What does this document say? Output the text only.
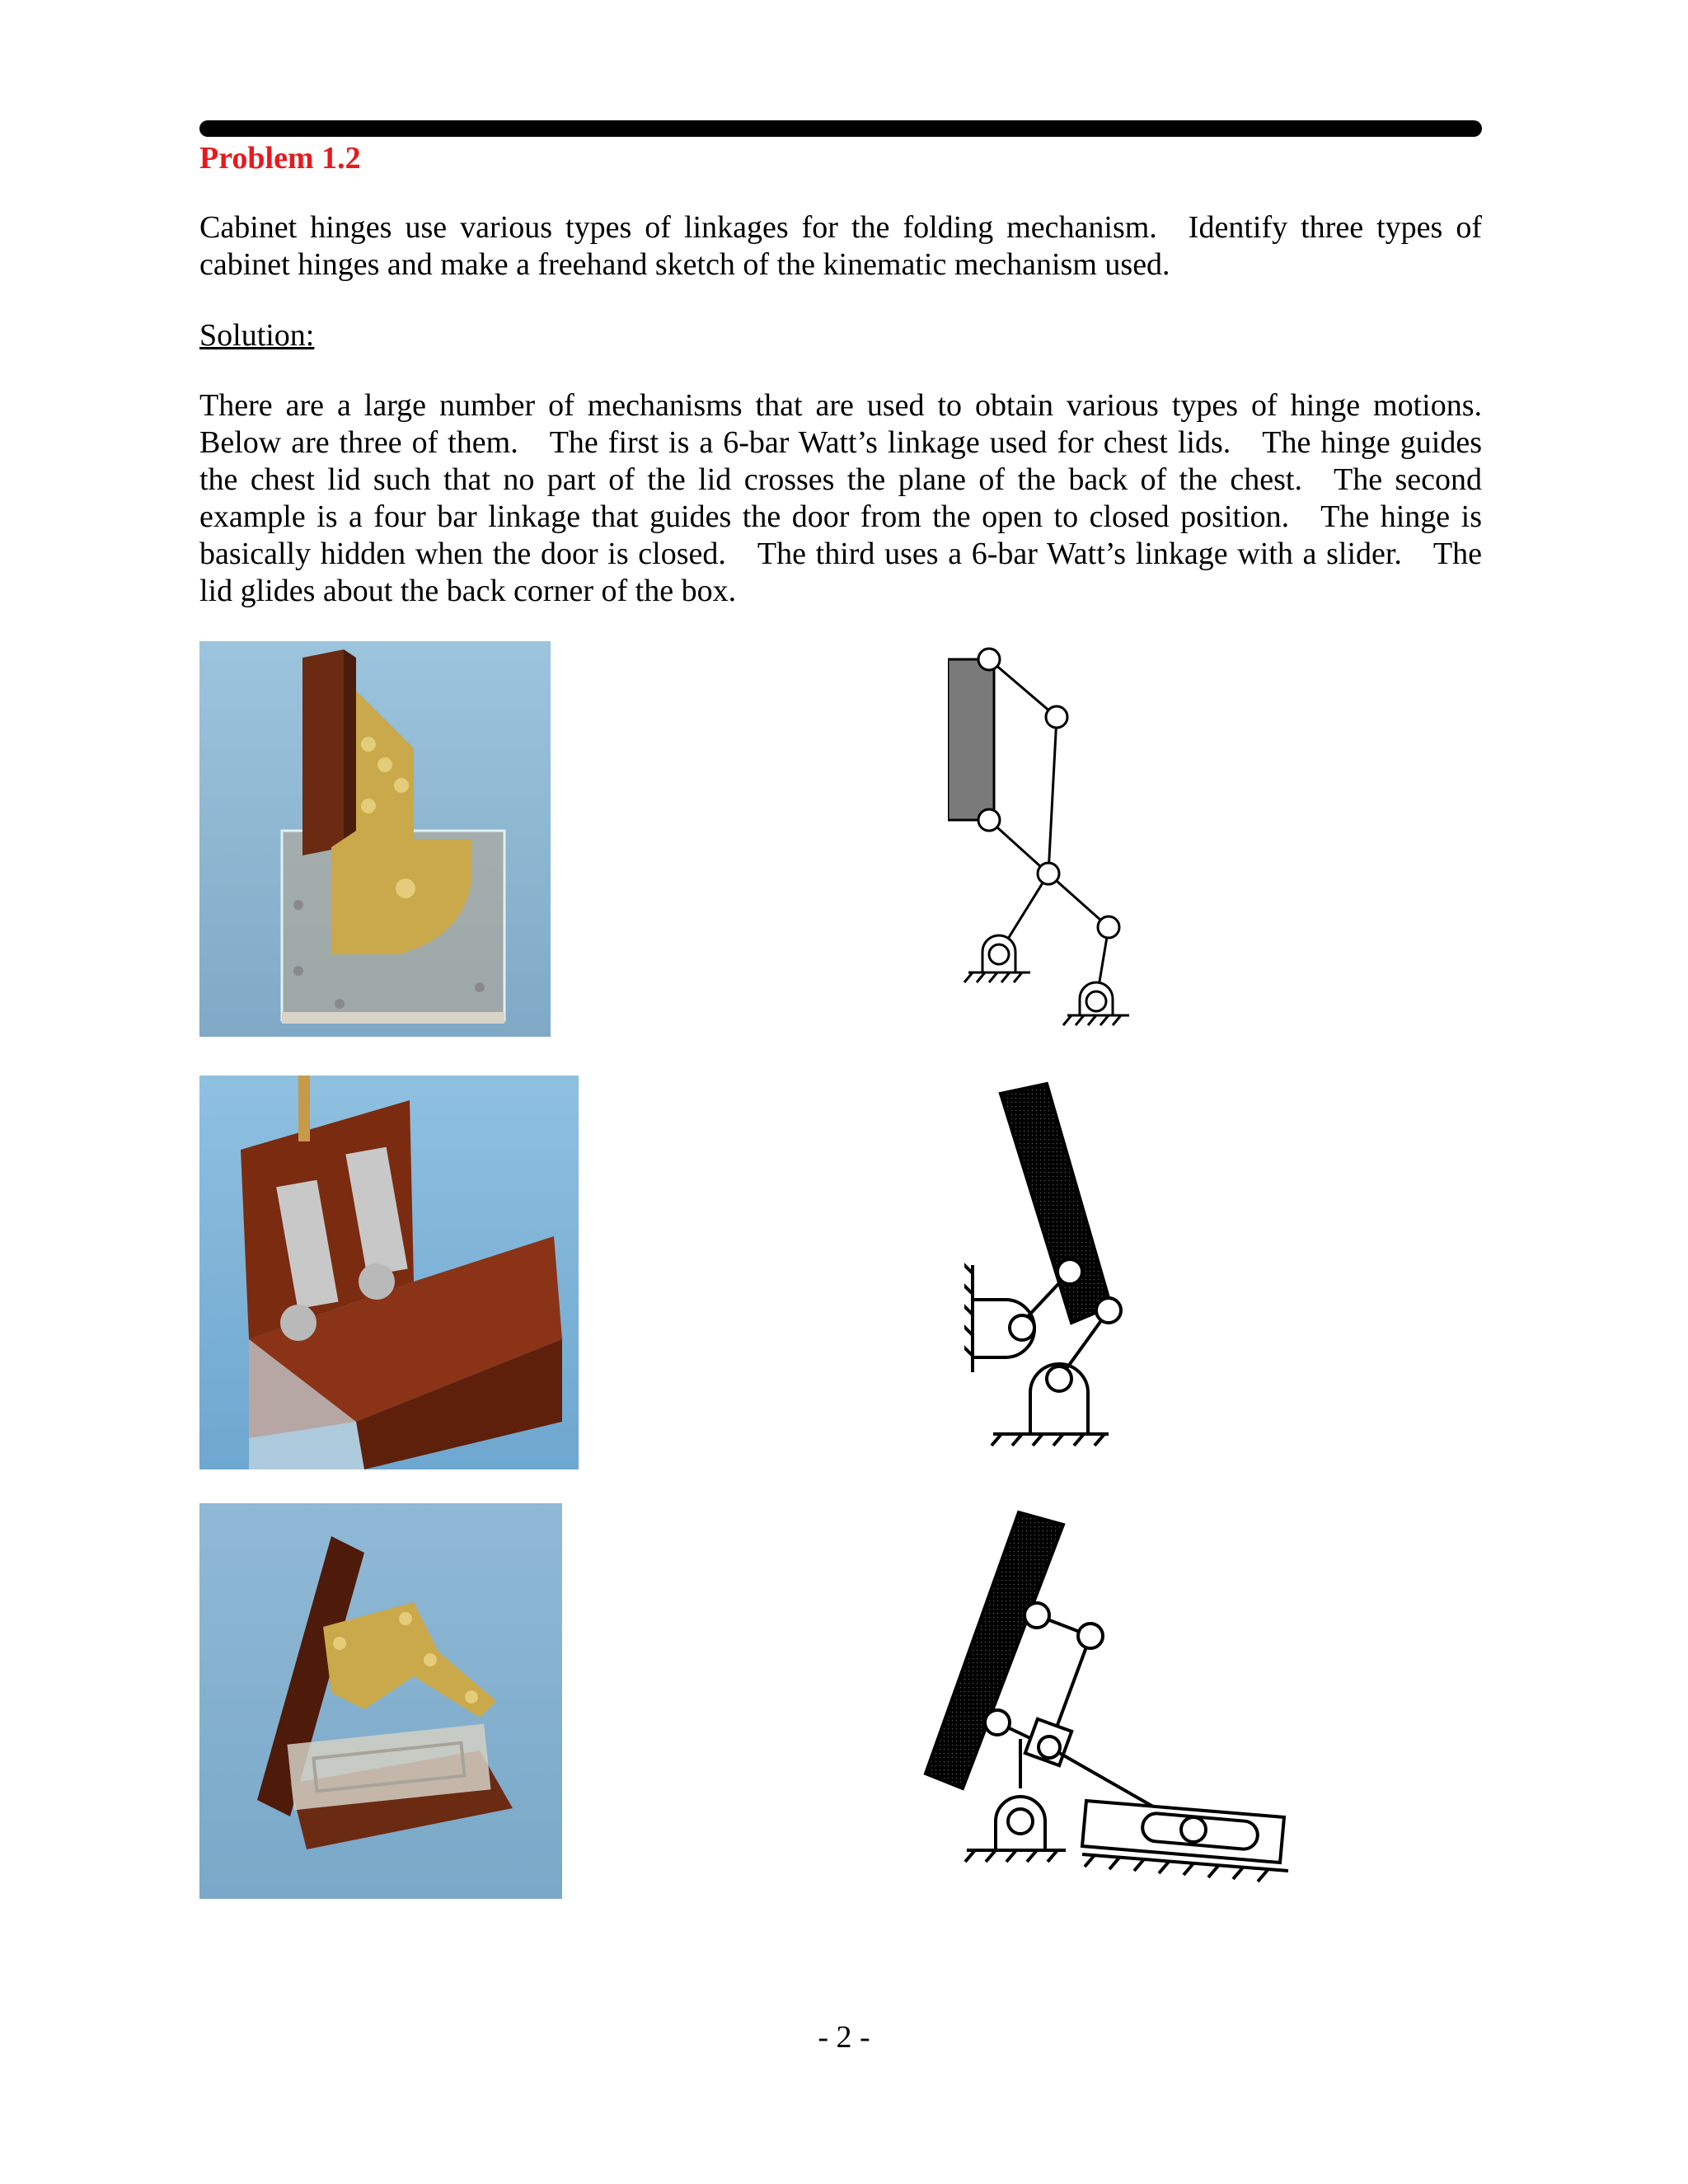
Problem 1.2

Cabinet hinges use various types of linkages for the folding mechanism. Identify three types of cabinet hinges and make a freehand sketch of the kinematic mechanism used.

Solution:

There are a large number of mechanisms that are used to obtain various types of hinge motions. Below are three of them. The first is a 6-bar Watt’s linkage used for chest lids. The hinge guides the chest lid such that no part of the lid crosses the plane of the back of the chest. The second example is a four bar linkage that guides the door from the open to closed position. The hinge is basically hidden when the door is closed. The third uses a 6-bar Watt’s linkage with a slider. The lid glides about the back corner of the box.

- 2 -
